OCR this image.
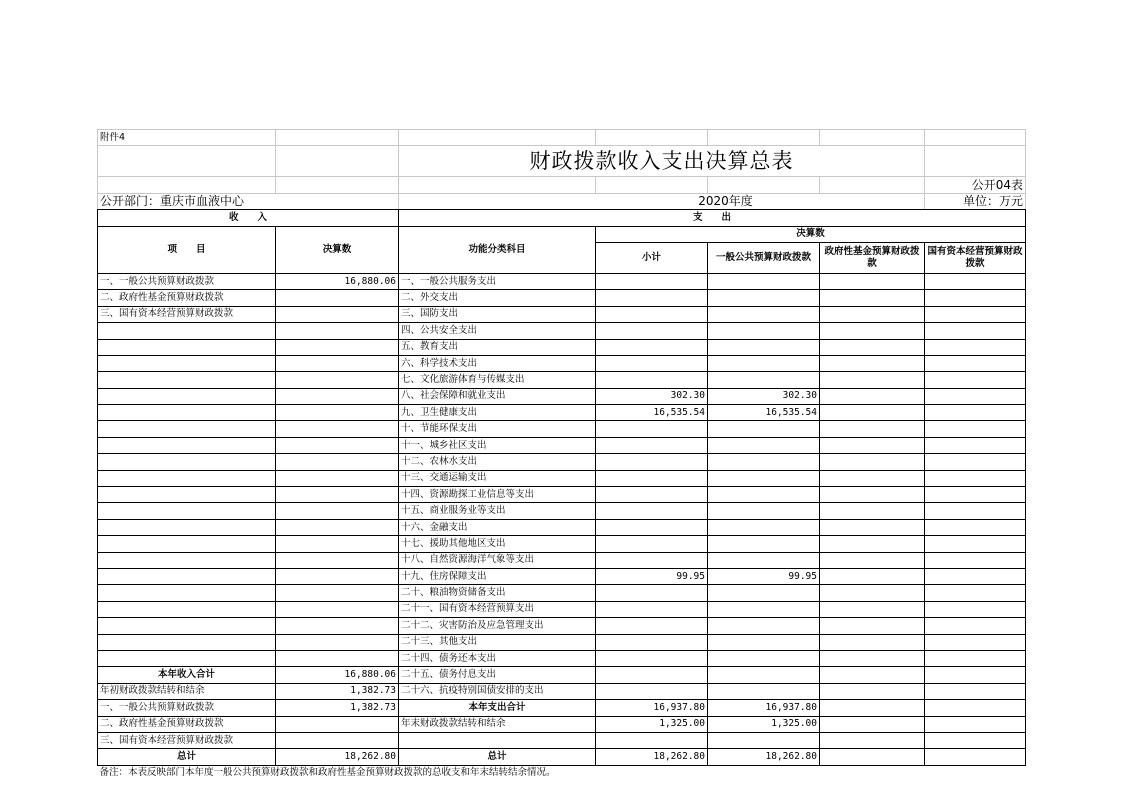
附件4						
		财政拨款收入支出决算总表				
						公开04表
公开部门：重庆市血液中心		2020年度				单位：万元
收　　入		支　　出				
项　　目	决算数	功能分类科目	决算数			
			小计	一般公共预算财政拨款	政府性基金预算财政拨款	国有资本经营预算财政拨款
一、一般公共预算财政拨款	16,880.06	一、一般公共服务支出				
二、政府性基金预算财政拨款		二、外交支出				
三、国有资本经营预算财政拨款		三、国防支出				
		四、公共安全支出				
		五、教育支出				
		六、科学技术支出				
		七、文化旅游体育与传媒支出				
		八、社会保障和就业支出	302.30	302.30		
		九、卫生健康支出	16,535.54	16,535.54		
		十、节能环保支出				
		十一、城乡社区支出				
		十二、农林水支出				
		十三、交通运输支出				
		十四、资源勘探工业信息等支出				
		十五、商业服务业等支出				
		十六、金融支出				
		十七、援助其他地区支出				
		十八、自然资源海洋气象等支出				
		十九、住房保障支出	99.95	99.95		
		二十、粮油物资储备支出				
		二十一、国有资本经营预算支出				
		二十二、灾害防治及应急管理支出				
		二十三、其他支出				
		二十四、债务还本支出				
本年收入合计	16,880.06	二十五、债务付息支出				
年初财政拨款结转和结余	1,382.73	二十六、抗疫特别国债安排的支出				
一、一般公共预算财政拨款	1,382.73	本年支出合计	16,937.80	16,937.80		
二、政府性基金预算财政拨款		年末财政拨款结转和结余	1,325.00	1,325.00		
三、国有资本经营预算财政拨款						
总计	18,262.80	总计	18,262.80	18,262.80		
备注：本表反映部门本年度一般公共预算财政拨款和政府性基金预算财政拨款的总收支和年末结转结余情况。						
